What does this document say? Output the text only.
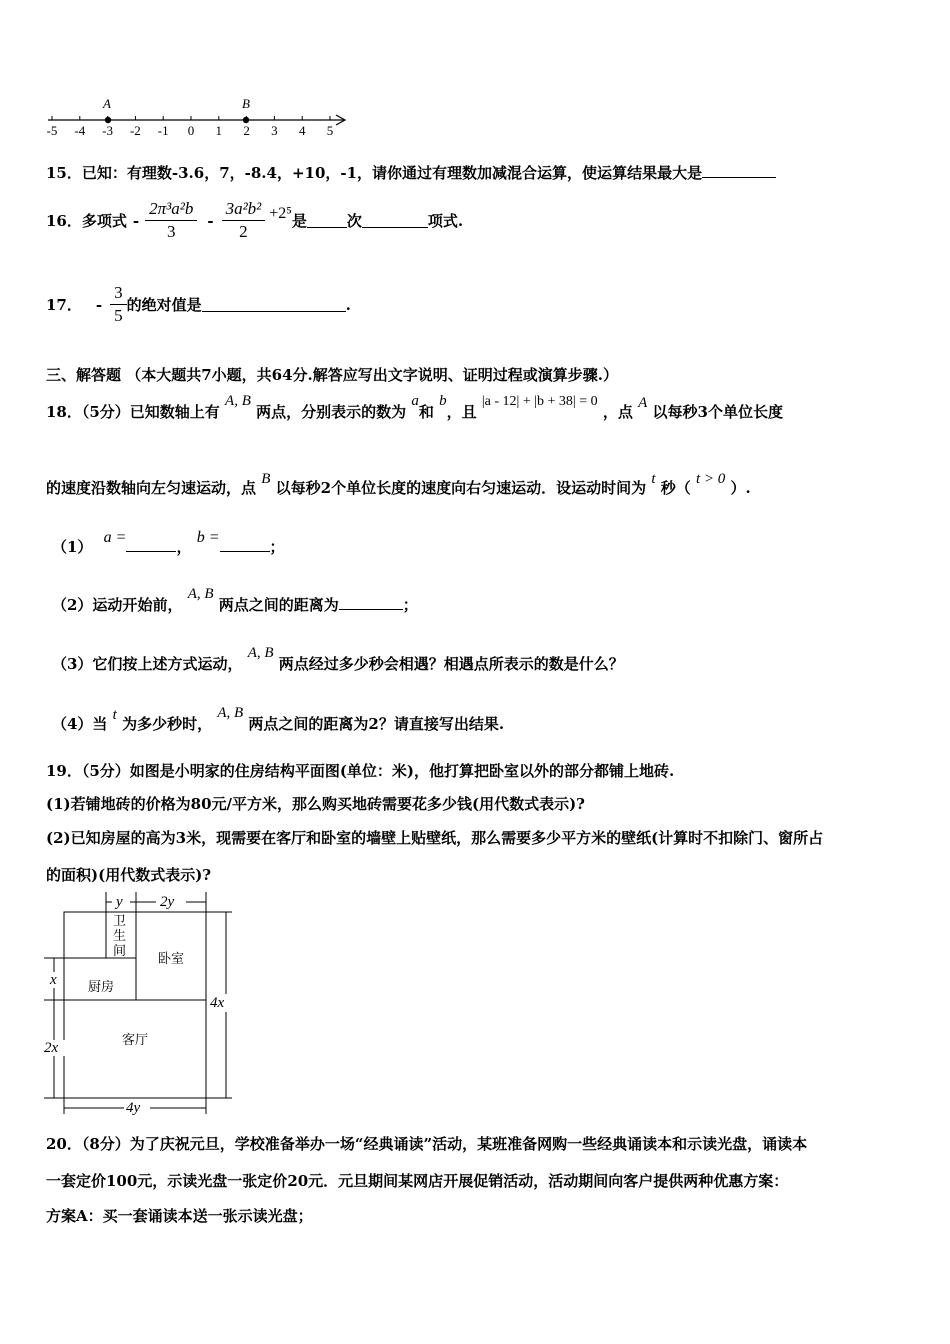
-5 -4 -3 -2 -1 0 1 2 3 4 5
A	B
15．已知：有理数-3.6，7，-8.4，+10，-1，请你通过有理数加减混合运算，使运算结果最大是
16．多项式 - $\frac{\text{2π³a²b}}{3} - \frac{\text{3a²b²}}{2} +2^5$ 是	次	项式.
17． - $\frac{3}{5}$ 的绝对值是	.
三、解答题 （本大题共7小题，共64分.解答应写出文字说明、证明过程或演算步骤.）
18．（5分）已知数轴上有 A, B 两点，分别表示的数为 a和 b，且 |a - 12| + |b + 38| = 0 ，点 A 以每秒3个单位长度
的速度沿数轴向左匀速运动，点 B 以每秒2个单位长度的速度向右匀速运动．设运动时间为 t 秒（ t > 0 ）.
（1） a =， b =；
（2）运动开始前， A, B 两点之间的距离为	；
（3）它们按上述方式运动， A, B 两点经过多少秒会相遇？相遇点所表示的数是什么？
（4）当 t 为多少秒时， A, B 两点之间的距离为2？请直接写出结果.
19．（5分）如图是小明家的住房结构平面图(单位：米)，他打算把卧室以外的部分都铺上地砖.
(1)若铺地砖的价格为80元/平方米，那么购买地砖需要花多少钱(用代数式表示)?
(2)已知房屋的高为3米，现需要在客厅和卧室的墙壁上贴壁纸，那么需要多少平方米的壁纸(计算时不扣除门、窗所占
的面积)(用代数式表示)?
y 2y
4x
x
2x
4y
卫
生
间
卧室
厨房
客厅
20．（8分）为了庆祝元旦，学校准备举办一场“经典诵读”活动，某班准备网购一些经典诵读本和示读光盘，诵读本
一套定价100元，示读光盘一张定价20元．元旦期间某网店开展促销活动，活动期间向客户提供两种优惠方案：
方案A：买一套诵读本送一张示读光盘；
